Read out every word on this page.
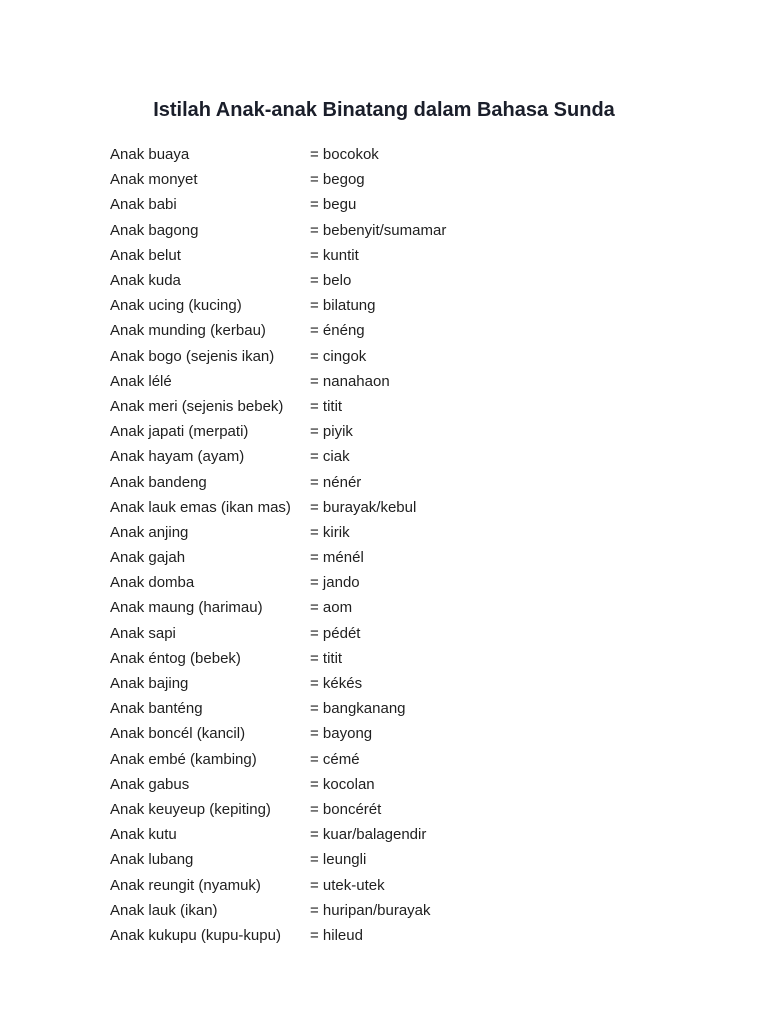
Istilah Anak-anak Binatang dalam Bahasa Sunda
Anak buaya	= bocokok
Anak monyet	= begog
Anak babi	= begu
Anak bagong	= bebenyit/sumamar
Anak belut	= kuntit
Anak kuda	= belo
Anak ucing (kucing)	= bilatung
Anak munding (kerbau)	= énéng
Anak bogo (sejenis ikan)	= cingok
Anak lélé	= nanahaon
Anak meri (sejenis bebek)	= titit
Anak japati (merpati)	= piyik
Anak hayam (ayam)	= ciak
Anak bandeng	= nénér
Anak lauk emas (ikan mas)	= burayak/kebul
Anak anjing	= kirik
Anak gajah	= ménél
Anak domba	= jando
Anak maung (harimau)	= aom
Anak sapi	= pédét
Anak éntog (bebek)	= titit
Anak bajing	= kékés
Anak banténg	= bangkanang
Anak boncél (kancil)	= bayong
Anak embé (kambing)	= cémé
Anak gabus	= kocolan
Anak keuyeup (kepiting)	= boncérét
Anak kutu	= kuar/balagendir
Anak lubang	= leungli
Anak reungit (nyamuk)	= utek-utek
Anak lauk (ikan)	= huripan/burayak
Anak kukupu (kupu-kupu)	= hileud
